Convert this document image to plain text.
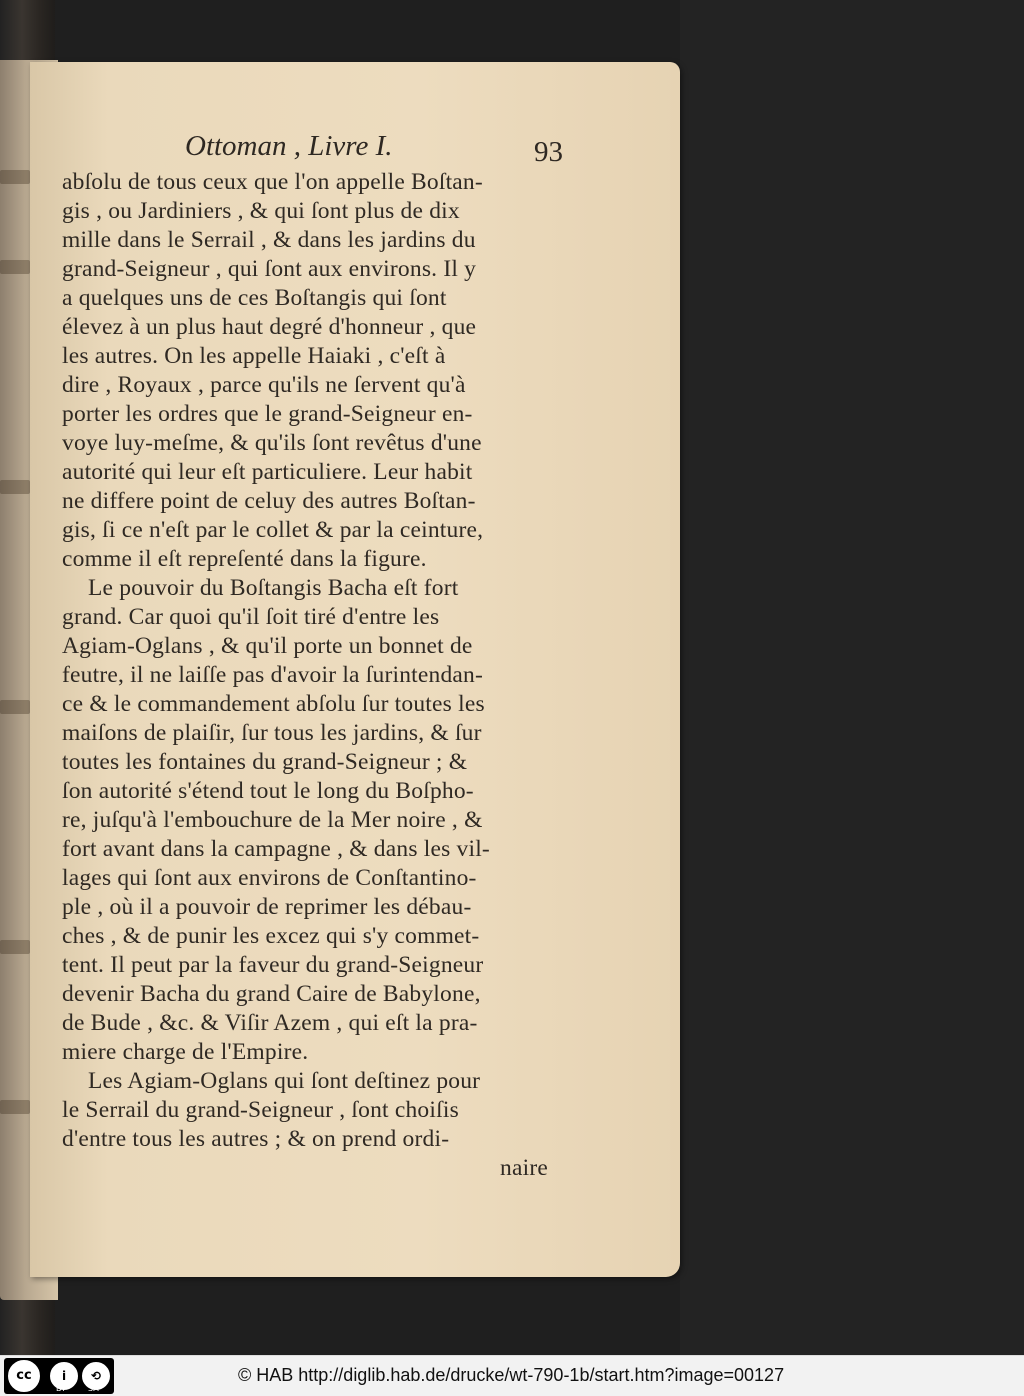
Ottoman , Livre I.	93
abſolu de tous ceux que l'on appelle Boſtan-
gis , ou Jardiniers , & qui ſont plus de dix
mille dans le Serrail , & dans les jardins du
grand-Seigneur , qui ſont aux environs. Il y
a quelques uns de ces Boſtangis qui ſont
élevez à un plus haut degré d'honneur , que
les autres. On les appelle Haiaki , c'eſt à
dire , Royaux , parce qu'ils ne ſervent qu'à
porter les ordres que le grand-Seigneur en-
voye luy-meſme, & qu'ils ſont revêtus d'une
autorité qui leur eſt particuliere. Leur habit
ne differe point de celuy des autres Boſtan-
gis, ſi ce n'eſt par le collet & par la ceinture,
comme il eſt repreſenté dans la figure.
Le pouvoir du Boſtangis Bacha eſt fort
grand. Car quoi qu'il ſoit tiré d'entre les
Agiam-Oglans , & qu'il porte un bonnet de
feutre, il ne laiſſe pas d'avoir la ſurintendan-
ce & le commandement abſolu ſur toutes les
maiſons de plaiſir, ſur tous les jardins, & ſur
toutes les fontaines du grand-Seigneur ; &
ſon autorité s'étend tout le long du Boſpho-
re, juſqu'à l'embouchure de la Mer noire , &
fort avant dans la campagne , & dans les vil-
lages qui ſont aux environs de Conſtantino-
ple , où il a pouvoir de reprimer les débau-
ches , & de punir les excez qui s'y commet-
tent. Il peut par la faveur du grand-Seigneur
devenir Bacha du grand Caire de Babylone,
de Bude , &c. & Viſir Azem , qui eſt la pra-
miere charge de l'Empire.
Les Agiam-Oglans qui ſont deſtinez pour
le Serrail du grand-Seigneur , ſont choiſis
d'entre tous les autres ; & on prend ordi-
naire
cc	i	⟲
BY	SA
© HAB http://diglib.hab.de/drucke/wt-790-1b/start.htm?image=00127
